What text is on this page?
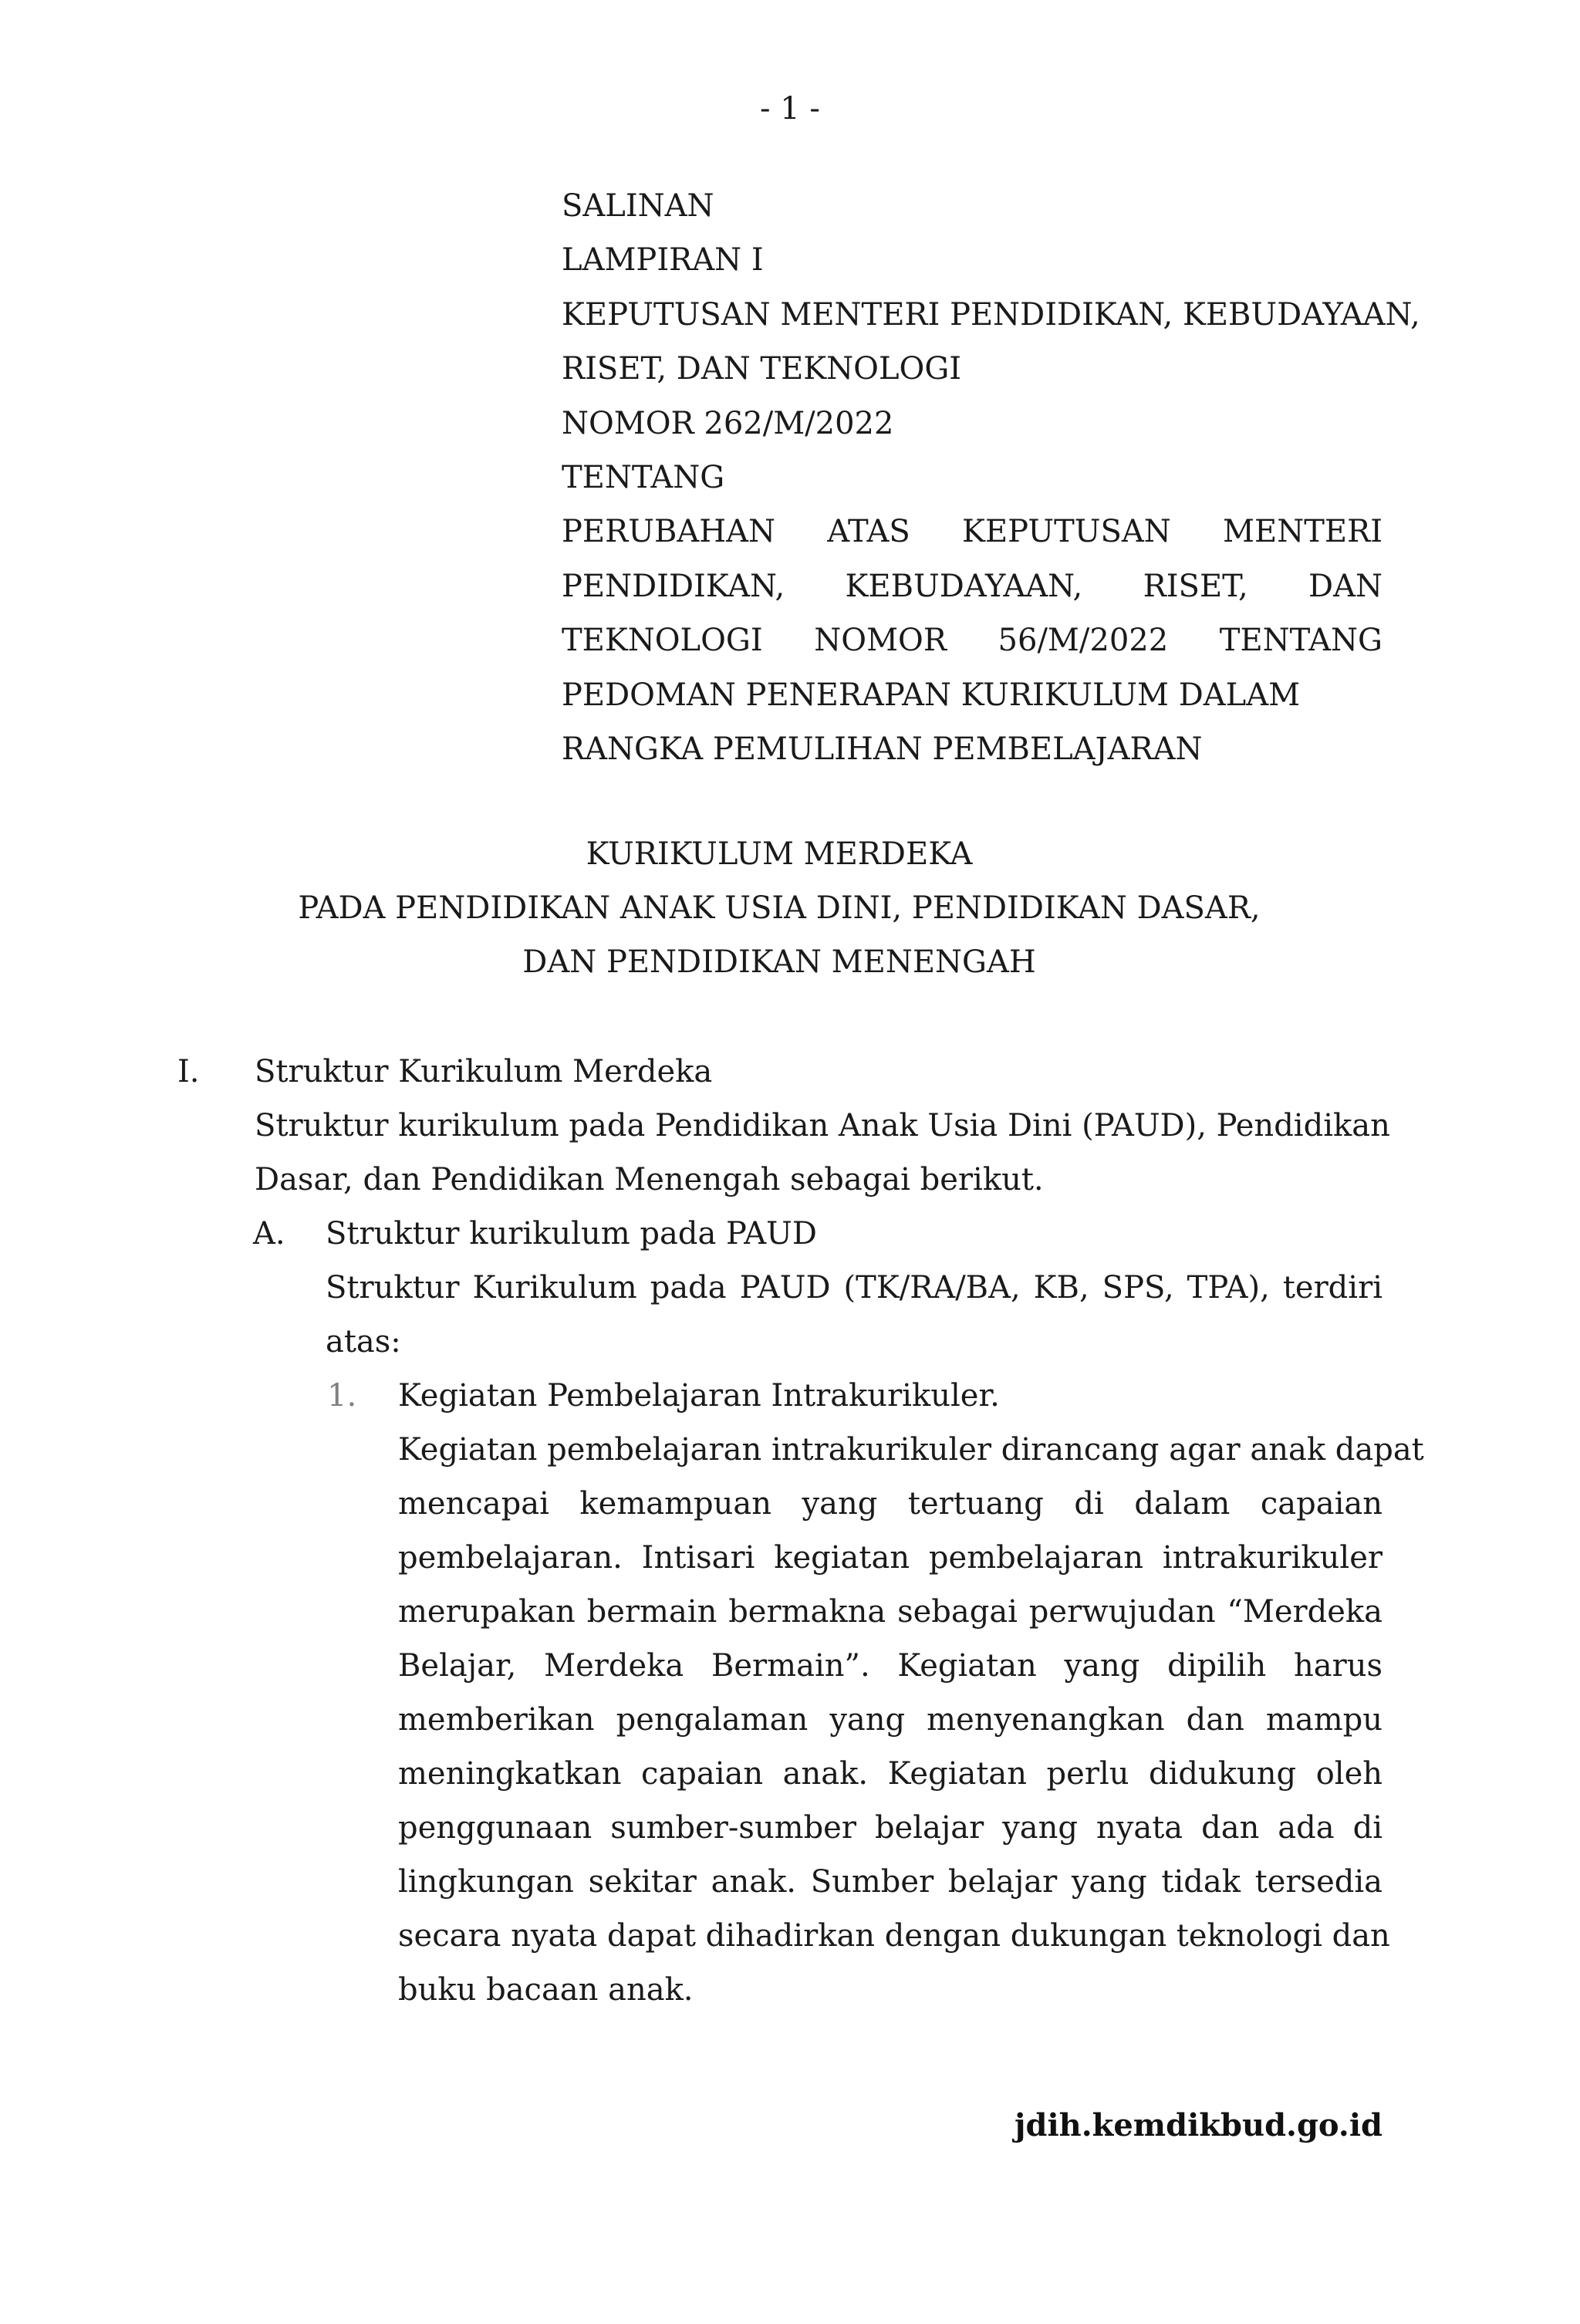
- 1 -
SALINAN
LAMPIRAN I
KEPUTUSAN MENTERI PENDIDIKAN, KEBUDAYAAN,
RISET, DAN TEKNOLOGI
NOMOR 262/M/2022
TENTANG
PERUBAHAN ATAS KEPUTUSAN MENTERI
PENDIDIKAN, KEBUDAYAAN, RISET, DAN
TEKNOLOGI NOMOR 56/M/2022 TENTANG
PEDOMAN PENERAPAN KURIKULUM DALAM
RANGKA PEMULIHAN PEMBELAJARAN
KURIKULUM MERDEKA
PADA PENDIDIKAN ANAK USIA DINI, PENDIDIKAN DASAR,
DAN PENDIDIKAN MENENGAH
I. Struktur Kurikulum Merdeka
Struktur kurikulum pada Pendidikan Anak Usia Dini (PAUD), Pendidikan
Dasar, dan Pendidikan Menengah sebagai berikut.
A. Struktur kurikulum pada PAUD
Struktur Kurikulum pada PAUD (TK/RA/BA, KB, SPS, TPA), terdiri
atas:
1. Kegiatan Pembelajaran Intrakurikuler.
Kegiatan pembelajaran intrakurikuler dirancang agar anak dapat
mencapai kemampuan yang tertuang di dalam capaian
pembelajaran. Intisari kegiatan pembelajaran intrakurikuler
merupakan bermain bermakna sebagai perwujudan “Merdeka
Belajar, Merdeka Bermain”. Kegiatan yang dipilih harus
memberikan pengalaman yang menyenangkan dan mampu
meningkatkan capaian anak. Kegiatan perlu didukung oleh
penggunaan sumber-sumber belajar yang nyata dan ada di
lingkungan sekitar anak. Sumber belajar yang tidak tersedia
secara nyata dapat dihadirkan dengan dukungan teknologi dan
buku bacaan anak.
jdih.kemdikbud.go.id
